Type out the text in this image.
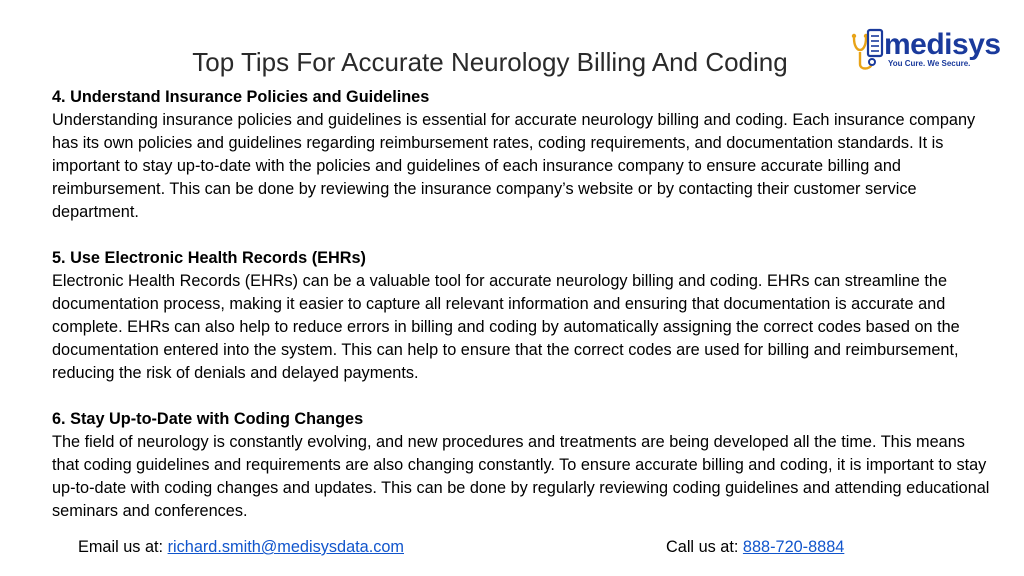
Top Tips For Accurate Neurology Billing And Coding
medisys
You Cure. We Secure.
4. Understand Insurance Policies and Guidelines

Understanding insurance policies and guidelines is essential for accurate neurology billing and coding. Each insurance company has its own policies and guidelines regarding reimbursement rates, coding requirements, and documentation standards. It is important to stay up-to-date with the policies and guidelines of each insurance company to ensure accurate billing and reimbursement. This can be done by reviewing the insurance company’s website or by contacting their customer service department.

5. Use Electronic Health Records (EHRs)

Electronic Health Records (EHRs) can be a valuable tool for accurate neurology billing and coding. EHRs can streamline the documentation process, making it easier to capture all relevant information and ensuring that documentation is accurate and complete. EHRs can also help to reduce errors in billing and coding by automatically assigning the correct codes based on the documentation entered into the system. This can help to ensure that the correct codes are used for billing and reimbursement, reducing the risk of denials and delayed payments.

6. Stay Up-to-Date with Coding Changes

The field of neurology is constantly evolving, and new procedures and treatments are being developed all the time. This means that coding guidelines and requirements are also changing constantly. To ensure accurate billing and coding, it is important to stay up-to-date with coding changes and updates. This can be done by regularly reviewing coding guidelines and attending educational seminars and conferences.

Email us at: richard.smith@medisysdata.com	Call us at: 888-720-8884
